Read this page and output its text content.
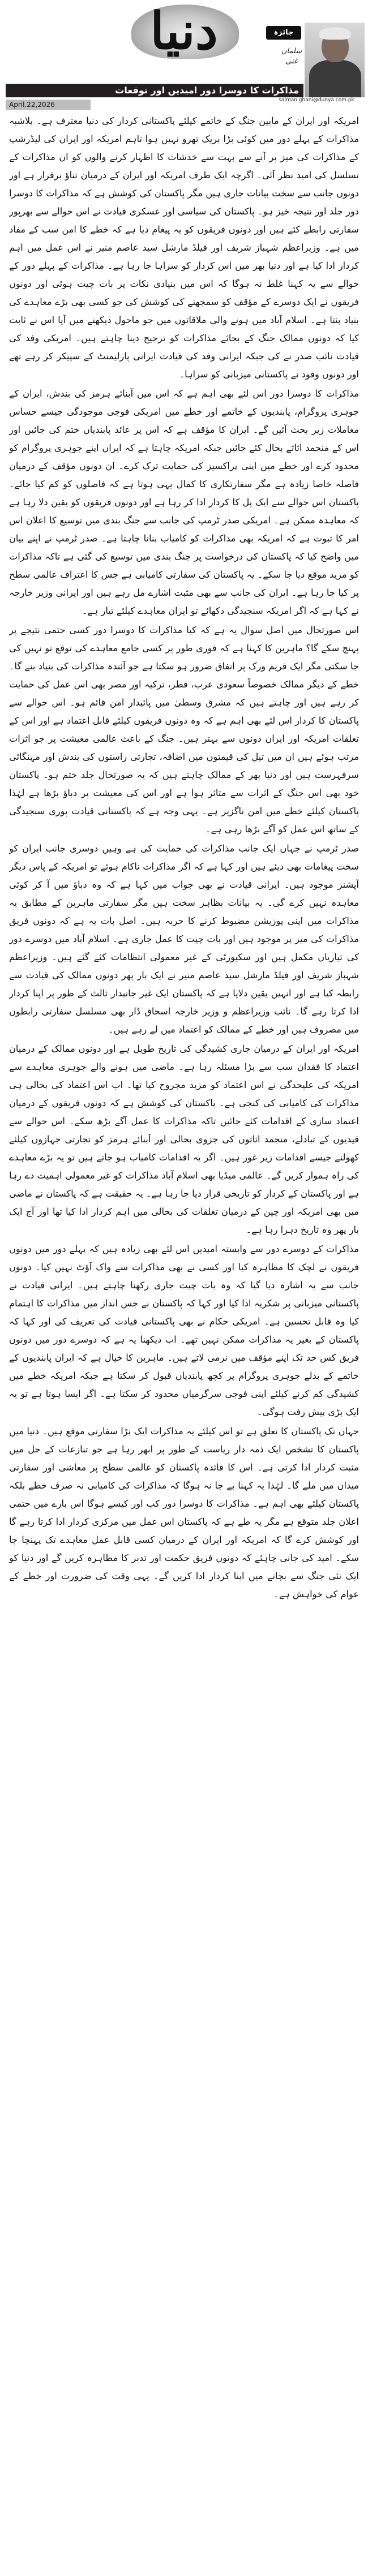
دنیا	جائزہ
سلمان غنی
مذاکرات کا دوسرا دور امیدیں اور توقعات
salman.ghani@dunya.com.pk
April.22,2026

امریکہ اور ایران کے مابین جنگ کے خاتمے کیلئے پاکستانی کردار کی دنیا معترف ہے۔ بلاشبہ مذاکرات کے پہلے دور میں کوئی بڑا بریک تھرو نہیں ہوا تاہم امریکہ اور ایران کی لیڈرشپ کے مذاکرات کی میز پر آنے سے بہت سے خدشات کا اظہار کرنے والوں کو ان مذاکرات کے تسلسل کی امید نظر آئی۔ اگرچہ ایک طرف امریکہ اور ایران کے درمیان تناؤ برقرار ہے اور دونوں جانب سے سخت بیانات جاری ہیں مگر پاکستان کی کوشش ہے کہ مذاکرات کا دوسرا دور جلد اور نتیجہ خیز ہو۔ پاکستان کی سیاسی اور عسکری قیادت نے اس حوالے سے بھرپور سفارتی رابطے کئے ہیں اور دونوں فریقوں کو یہ پیغام دیا ہے کہ خطے کا امن سب کے مفاد میں ہے۔ وزیراعظم شہباز شریف اور فیلڈ مارشل سید عاصم منیر نے اس عمل میں اہم کردار ادا کیا ہے اور دنیا بھر میں اس کردار کو سراہا جا رہا ہے۔ مذاکرات کے پہلے دور کے حوالے سے یہ کہنا غلط نہ ہوگا کہ اس میں بنیادی نکات پر بات چیت ہوئی اور دونوں فریقوں نے ایک دوسرے کے مؤقف کو سمجھنے کی کوشش کی جو کسی بھی بڑے معاہدے کی بنیاد بنتا ہے۔ اسلام آباد میں ہونے والی ملاقاتوں میں جو ماحول دیکھنے میں آیا اس نے ثابت کیا کہ دونوں ممالک جنگ کے بجائے مذاکرات کو ترجیح دینا چاہتے ہیں۔ امریکی وفد کی قیادت نائب صدر نے کی جبکہ ایرانی وفد کی قیادت ایرانی پارلیمنٹ کے سپیکر کر رہے تھے اور دونوں وفود نے پاکستانی میزبانی کو سراہا۔

مذاکرات کا دوسرا دور اس لئے بھی اہم ہے کہ اس میں آبنائے ہرمز کی بندش، ایران کے جوہری پروگرام، پابندیوں کے خاتمے اور خطے میں امریکی فوجی موجودگی جیسے حساس معاملات زیر بحث آئیں گے۔ ایران کا مؤقف ہے کہ اس پر عائد پابندیاں ختم کی جائیں اور اس کے منجمد اثاثے بحال کئے جائیں جبکہ امریکہ چاہتا ہے کہ ایران اپنے جوہری پروگرام کو محدود کرے اور خطے میں اپنی پراکسیز کی حمایت ترک کرے۔ ان دونوں مؤقف کے درمیان فاصلہ خاصا زیادہ ہے مگر سفارتکاری کا کمال یہی ہوتا ہے کہ فاصلوں کو کم کیا جائے۔ پاکستان اس حوالے سے ایک پل کا کردار ادا کر رہا ہے اور دونوں فریقوں کو یقین دلا رہا ہے کہ معاہدہ ممکن ہے۔ امریکی صدر ٹرمپ کی جانب سے جنگ بندی میں توسیع کا اعلان اس امر کا ثبوت ہے کہ امریکہ بھی مذاکرات کو کامیاب بنانا چاہتا ہے۔ صدر ٹرمپ نے اپنے بیان میں واضح کیا کہ پاکستان کی درخواست پر جنگ بندی میں توسیع کی گئی ہے تاکہ مذاکرات کو مزید موقع دیا جا سکے۔ یہ پاکستان کی سفارتی کامیابی ہے جس کا اعتراف عالمی سطح پر کیا جا رہا ہے۔ ایران کی جانب سے بھی مثبت اشارے مل رہے ہیں اور ایرانی وزیر خارجہ نے کہا ہے کہ اگر امریکہ سنجیدگی دکھائے تو ایران معاہدے کیلئے تیار ہے۔

اس صورتحال میں اصل سوال یہ ہے کہ کیا مذاکرات کا دوسرا دور کسی حتمی نتیجے پر پہنچ سکے گا؟ ماہرین کا کہنا ہے کہ فوری طور پر کسی جامع معاہدے کی توقع تو نہیں کی جا سکتی مگر ایک فریم ورک پر اتفاق ضرور ہو سکتا ہے جو آئندہ مذاکرات کی بنیاد بنے گا۔ خطے کے دیگر ممالک خصوصاً سعودی عرب، قطر، ترکیہ اور مصر بھی اس عمل کی حمایت کر رہے ہیں اور چاہتے ہیں کہ مشرق وسطیٰ میں پائیدار امن قائم ہو۔ اس حوالے سے پاکستان کا کردار اس لئے بھی اہم ہے کہ وہ دونوں فریقوں کیلئے قابل اعتماد ہے اور اس کے تعلقات امریکہ اور ایران دونوں سے بہتر ہیں۔ جنگ کے باعث عالمی معیشت پر جو اثرات مرتب ہوئے ہیں ان میں تیل کی قیمتوں میں اضافہ، تجارتی راستوں کی بندش اور مہنگائی سرفہرست ہیں اور دنیا بھر کے ممالک چاہتے ہیں کہ یہ صورتحال جلد ختم ہو۔ پاکستان خود بھی اس جنگ کے اثرات سے متاثر ہوا ہے اور اس کی معیشت پر دباؤ بڑھا ہے لہٰذا پاکستان کیلئے خطے میں امن ناگزیر ہے۔ یہی وجہ ہے کہ پاکستانی قیادت پوری سنجیدگی کے ساتھ اس عمل کو آگے بڑھا رہی ہے۔

صدر ٹرمپ نے جہاں ایک جانب مذاکرات کی حمایت کی ہے وہیں دوسری جانب ایران کو سخت پیغامات بھی دیئے ہیں اور کہا ہے کہ اگر مذاکرات ناکام ہوئے تو امریکہ کے پاس دیگر آپشنز موجود ہیں۔ ایرانی قیادت نے بھی جواب میں کہا ہے کہ وہ دباؤ میں آ کر کوئی معاہدہ نہیں کرے گی۔ یہ بیانات بظاہر سخت ہیں مگر سفارتی ماہرین کے مطابق یہ مذاکرات میں اپنی پوزیشن مضبوط کرنے کا حربہ ہیں۔ اصل بات یہ ہے کہ دونوں فریق مذاکرات کی میز پر موجود ہیں اور بات چیت کا عمل جاری ہے۔ اسلام آباد میں دوسرے دور کی تیاریاں مکمل ہیں اور سکیورٹی کے غیر معمولی انتظامات کئے گئے ہیں۔ وزیراعظم شہباز شریف اور فیلڈ مارشل سید عاصم منیر نے ایک بار پھر دونوں ممالک کی قیادت سے رابطہ کیا ہے اور انہیں یقین دلایا ہے کہ پاکستان ایک غیر جانبدار ثالث کے طور پر اپنا کردار ادا کرتا رہے گا۔ نائب وزیراعظم و وزیر خارجہ اسحاق ڈار بھی مسلسل سفارتی رابطوں میں مصروف ہیں اور خطے کے ممالک کو اعتماد میں لے رہے ہیں۔

امریکہ اور ایران کے درمیان جاری کشیدگی کی تاریخ طویل ہے اور دونوں ممالک کے درمیان اعتماد کا فقدان سب سے بڑا مسئلہ رہا ہے۔ ماضی میں ہونے والے جوہری معاہدے سے امریکہ کی علیحدگی نے اس اعتماد کو مزید مجروح کیا تھا۔ اب اس اعتماد کی بحالی ہی مذاکرات کی کامیابی کی کنجی ہے۔ پاکستان کی کوشش ہے کہ دونوں فریقوں کے درمیان اعتماد سازی کے اقدامات کئے جائیں تاکہ مذاکرات کا عمل آگے بڑھ سکے۔ اس حوالے سے قیدیوں کے تبادلے، منجمد اثاثوں کی جزوی بحالی اور آبنائے ہرمز کو تجارتی جہازوں کیلئے کھولنے جیسے اقدامات زیر غور ہیں۔ اگر یہ اقدامات کامیاب ہو جاتے ہیں تو یہ بڑے معاہدے کی راہ ہموار کریں گے۔ عالمی میڈیا بھی اسلام آباد مذاکرات کو غیر معمولی اہمیت دے رہا ہے اور پاکستان کے کردار کو تاریخی قرار دیا جا رہا ہے۔ یہ حقیقت ہے کہ پاکستان نے ماضی میں بھی امریکہ اور چین کے درمیان تعلقات کی بحالی میں اہم کردار ادا کیا تھا اور آج ایک بار پھر وہ تاریخ دہرا رہا ہے۔

مذاکرات کے دوسرے دور سے وابستہ امیدیں اس لئے بھی زیادہ ہیں کہ پہلے دور میں دونوں فریقوں نے لچک کا مظاہرہ کیا اور کسی نے بھی مذاکرات سے واک آؤٹ نہیں کیا۔ دونوں جانب سے یہ اشارہ دیا گیا کہ وہ بات چیت جاری رکھنا چاہتے ہیں۔ ایرانی قیادت نے پاکستانی میزبانی پر شکریہ ادا کیا اور کہا کہ پاکستان نے جس انداز میں مذاکرات کا اہتمام کیا وہ قابل تحسین ہے۔ امریکی حکام نے بھی پاکستانی قیادت کی تعریف کی اور کہا کہ پاکستان کے بغیر یہ مذاکرات ممکن نہیں تھے۔ اب دیکھنا یہ ہے کہ دوسرے دور میں دونوں فریق کس حد تک اپنے مؤقف میں نرمی لاتے ہیں۔ ماہرین کا خیال ہے کہ ایران پابندیوں کے خاتمے کے بدلے جوہری پروگرام پر کچھ پابندیاں قبول کر سکتا ہے جبکہ امریکہ خطے میں کشیدگی کم کرنے کیلئے اپنی فوجی سرگرمیاں محدود کر سکتا ہے۔ اگر ایسا ہوتا ہے تو یہ ایک بڑی پیش رفت ہوگی۔

جہاں تک پاکستان کا تعلق ہے تو اس کیلئے یہ مذاکرات ایک بڑا سفارتی موقع ہیں۔ دنیا میں پاکستان کا تشخص ایک ذمہ دار ریاست کے طور پر ابھر رہا ہے جو تنازعات کے حل میں مثبت کردار ادا کرتی ہے۔ اس کا فائدہ پاکستان کو عالمی سطح پر معاشی اور سفارتی میدان میں ملے گا۔ لہٰذا یہ کہنا بے جا نہ ہوگا کہ مذاکرات کی کامیابی نہ صرف خطے بلکہ پاکستان کیلئے بھی اہم ہے۔ مذاکرات کا دوسرا دور کب اور کیسے ہوگا اس بارے میں حتمی اعلان جلد متوقع ہے مگر یہ طے ہے کہ پاکستان اس عمل میں مرکزی کردار ادا کرتا رہے گا اور کوشش کرے گا کہ امریکہ اور ایران کے درمیان کسی قابل عمل معاہدے تک پہنچا جا سکے۔ امید کی جانی چاہئے کہ دونوں فریق حکمت اور تدبر کا مظاہرہ کریں گے اور دنیا کو ایک نئی جنگ سے بچانے میں اپنا کردار ادا کریں گے۔ یہی وقت کی ضرورت اور خطے کے عوام کی خواہش ہے۔
